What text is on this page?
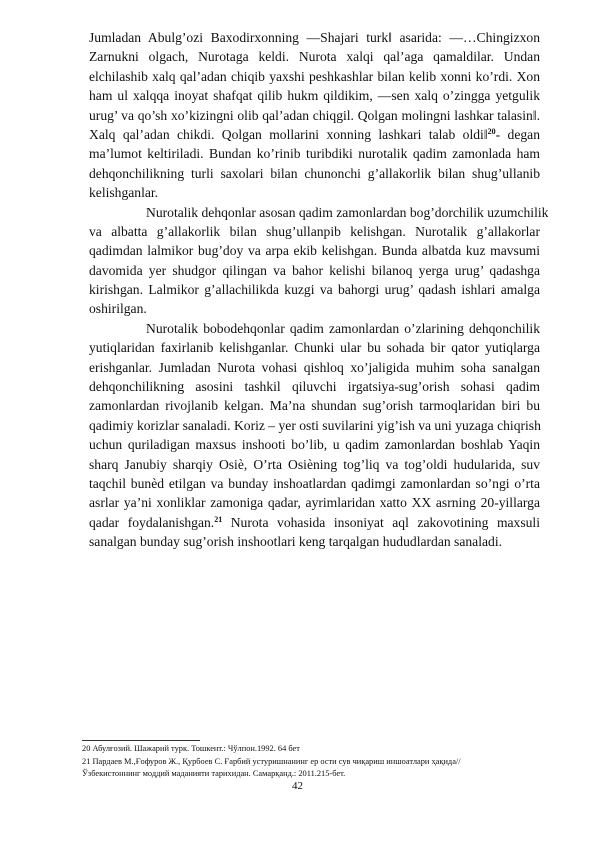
Jumladan Abulg’ozi Baxodirxonning ―Shajari turk‖ asarida: ―…Chingizxon
Zarnukni olgach, Nurotaga keldi. Nurota xalqi qal’aga qamaldilar. Undan
elchilashib xalq qal’adan chiqib yaxshi peshkashlar bilan kelib xonni ko’rdi. Xon
ham ul xalqqa inoyat shafqat qilib hukm qildikim, ―sen xalq o’zingga yetgulik
urug’ va qo’sh xo’kizingni olib qal’adan chiqgil. Qolgan molingni lashkar talasin‖.
Xalq qal’adan chikdi. Qolgan mollarini xonning lashkari talab oldi‖$^{20}$- degan
ma’lumot keltiriladi. Bundan ko’rinib turibdiki nurotalik qadim zamonlada ham
dehqonchilikning turli saxolari bilan chunonchi g’allakorlik bilan shug’ullanib
kelishganlar.
Nurotalik dehqonlar asosan qadim zamonlardan bog’dorchilik uzumchilik
va albatta g’allakorlik bilan shug’ullanpib kelishgan. Nurotalik g’allakorlar
qadimdan lalmikor bug’doy va arpa ekib kelishgan. Bunda albatda kuz mavsumi
davomida yer shudgor qilingan va bahor kelishi bilanoq yerga urug’ qadashga
kirishgan. Lalmikor g’allachilikda kuzgi va bahorgi urug’ qadash ishlari amalga
oshirilgan.
Nurotalik bobodehqonlar qadim zamonlardan o’zlarining dehqonchilik
yutiqlaridan faxirlanib kelishganlar. Chunki ular bu sohada bir qator yutiqlarga
erishganlar. Jumladan Nurota vohasi qishloq xo’jaligida muhim soha sanalgan
dehqonchilikning asosini tashkil qiluvchi irgatsiya-sug’orish sohasi qadim
zamonlardan rivojlanib kelgan. Ma’na shundan sug’orish tarmoqlaridan biri bu
qadimiy korizlar sanaladi. Koriz – yer osti suvilarini yig’ish va uni yuzaga chiqrish
uchun quriladigan maxsus inshooti bo’lib, u qadim zamonlardan boshlab Yaqin
sharq Janubiy sharqiy Osiѐ, O’rta Osiѐning tog’liq va tog’oldi hudularida, suv
taqchil bunѐd etilgan va bunday inshoatlardan qadimgi zamonlardan so’ngi o’rta
asrlar ya’ni xonliklar zamoniga qadar, ayrimlaridan xatto XX asrning 20-yillarga
qadar foydalanishgan.$^{21}$ Nurota vohasida insoniyat aql zakovotining maxsuli
sanalgan bunday sug’orish inshootlari keng tarqalgan hududlardan sanaladi.
20 Абулғозий. Шажарий турк. Тошкент.: Чўлпон.1992. 64 бет
21 Пардаев М.,Ғофуров Ж., Қурбоев С. Ғарбий устуришнанинг ер ости сув чиқариш иншоатлари ҳақида//
Ўзбекистоннинг моддий маданияти тарихидан. Самарқанд.: 2011.215-бет.
42
